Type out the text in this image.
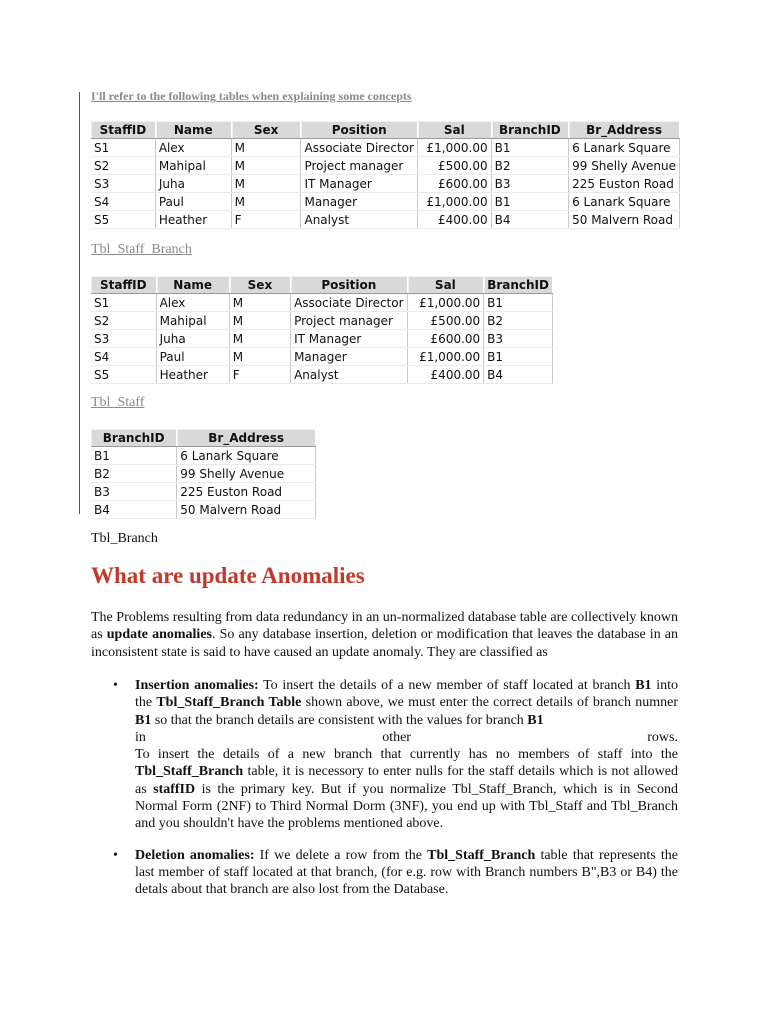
I'll refer to the following tables when explaining some concepts
StaffID	Name	Sex	Position	Sal	BranchID	Br_Address
S1	Alex	M	Associate Director	£1,000.00	B1	6 Lanark Square
S2	Mahipal	M	Project manager	£500.00	B2	99 Shelly Avenue
S3	Juha	M	IT Manager	£600.00	B3	225 Euston Road
S4	Paul	M	Manager	£1,000.00	B1	6 Lanark Square
S5	Heather	F	Analyst	£400.00	B4	50 Malvern Road
Tbl_Staff_Branch
StaffID	Name	Sex	Position	Sal	BranchID
S1	Alex	M	Associate Director	£1,000.00	B1
S2	Mahipal	M	Project manager	£500.00	B2
S3	Juha	M	IT Manager	£600.00	B3
S4	Paul	M	Manager	£1,000.00	B1
S5	Heather	F	Analyst	£400.00	B4
Tbl_Staff
BranchID	Br_Address
B1	6 Lanark Square
B2	99 Shelly Avenue
B3	225 Euston Road
B4	50 Malvern Road
Tbl_Branch
What are update Anomalies

The Problems resulting from data redundancy in an un-normalized database table are collectively known as update anomalies. So any database insertion, deletion or modification that leaves the database in an inconsistent state is said to have caused an update anomaly. They are classified as

• Insertion anomalies: To insert the details of a new member of staff located at branch B1 into the Tbl_Staff_Branch Table shown above, we must enter the correct details of branch numner B1 so that the branch details are consistent with the values for branch B1
in	other	rows.
To insert the details of a new branch that currently has no members of staff into the Tbl_Staff_Branch table, it is necessory to enter nulls for the staff details which is not allowed as staffID is the primary key. But if you normalize Tbl_Staff_Branch, which is in Second Normal Form (2NF) to Third Normal Dorm (3NF), you end up with Tbl_Staff and Tbl_Branch and you shouldn't have the problems mentioned above.
• Deletion anomalies: If we delete a row from the Tbl_Staff_Branch table that represents the last member of staff located at that branch, (for e.g. row with Branch numbers B",B3 or B4) the detals about that branch are also lost from the Database.
